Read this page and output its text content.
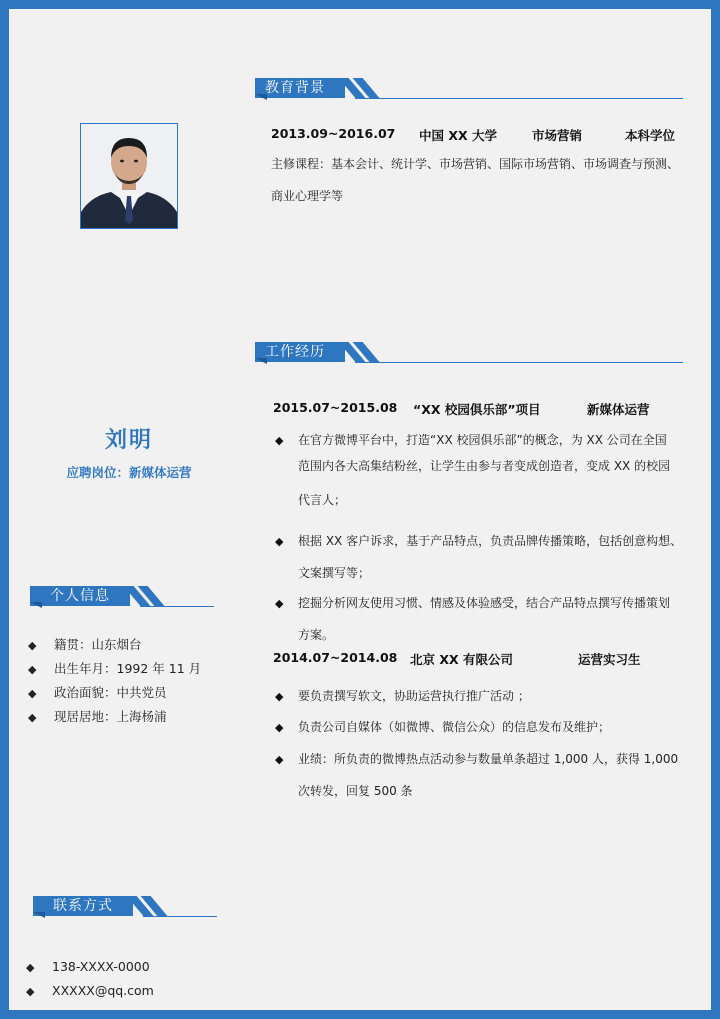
刘明
应聘岗位：新媒体运营
教育背景
2013.09~2016.07 中国 XX 大学	市场营销	本科学位
主修课程：基本会计、统计学、市场营销、国际市场营销、市场调查与预测、
商业心理学等
工作经历
2015.07~2015.08 “XX 校园俱乐部”项目	新媒体运营
◆ 在官方微博平台中，打造“XX 校园俱乐部”的概念，为 XX 公司在全国
范围内各大高集结粉丝，让学生由参与者变成创造者，变成 XX 的校园
代言人；
◆ 根据 XX 客户诉求，基于产品特点，负责品牌传播策略，包括创意构想、
文案撰写等；
◆ 挖掘分析网友使用习惯、情感及体验感受，结合产品特点撰写传播策划
方案。
2014.07~2014.08 北京 XX 有限公司	运营实习生
◆ 要负责撰写软文，协助运营执行推广活动 ；
◆ 负责公司自媒体（如微博、微信公众）的信息发布及维护；
◆ 业绩：所负责的微博热点活动参与数量单条超过 1,000 人，获得 1,000
次转发，回复 500 条
个人信息
◆ 籍贯：山东烟台
◆ 出生年月：1992 年 11 月
◆ 政治面貌：中共党员
◆ 现居居地：上海杨浦
联系方式
◆ 138-XXXX-0000
◆ XXXXX@qq.com
